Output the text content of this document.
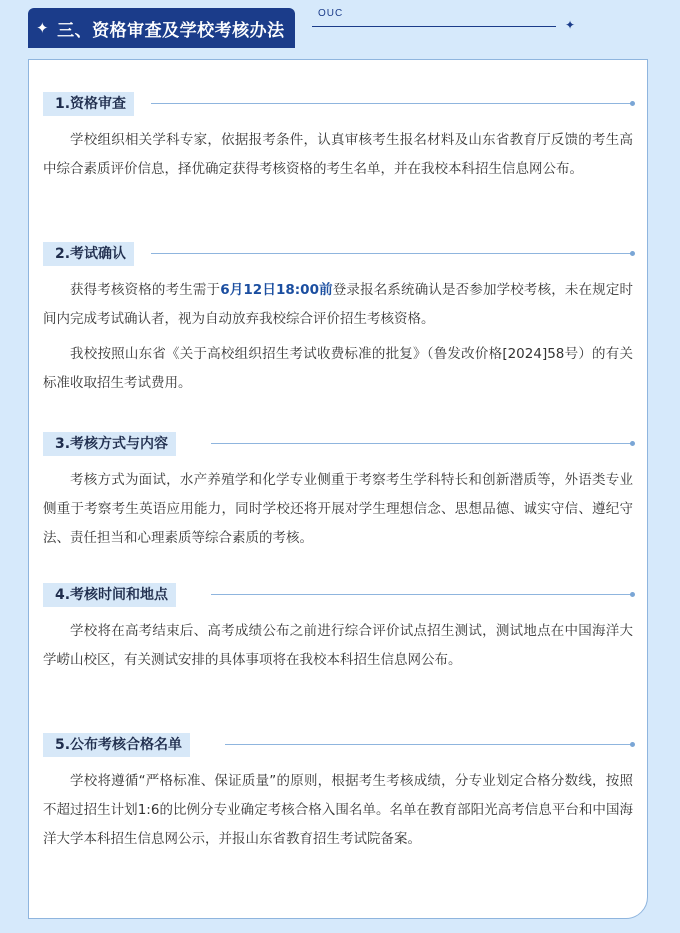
✦ 三、资格审查及学校考核办法
OUC
✦
1.资格审查

学校组织相关学科专家，依据报考条件，认真审核考生报名材料及山东省教育厅反馈的考生高中综合素质评价信息，择优确定获得考核资格的考生名单，并在我校本科招生信息网公布。

2.考试确认

获得考核资格的考生需于6月12日18:00前登录报名系统确认是否参加学校考核，未在规定时间内完成考试确认者，视为自动放弃我校综合评价招生考核资格。

我校按照山东省《关于高校组织招生考试收费标准的批复》（鲁发改价格[2024]58号）的有关标准收取招生考试费用。

3.考核方式与内容

考核方式为面试，水产养殖学和化学专业侧重于考察考生学科特长和创新潜质等，外语类专业侧重于考察考生英语应用能力，同时学校还将开展对学生理想信念、思想品德、诚实守信、遵纪守法、责任担当和心理素质等综合素质的考核。

4.考核时间和地点

学校将在高考结束后、高考成绩公布之前进行综合评价试点招生测试，测试地点在中国海洋大学崂山校区，有关测试安排的具体事项将在我校本科招生信息网公布。

5.公布考核合格名单

学校将遵循“严格标准、保证质量”的原则，根据考生考核成绩，分专业划定合格分数线，按照不超过招生计划1:6的比例分专业确定考核合格入围名单。名单在教育部阳光高考信息平台和中国海洋大学本科招生信息网公示，并报山东省教育招生考试院备案。
